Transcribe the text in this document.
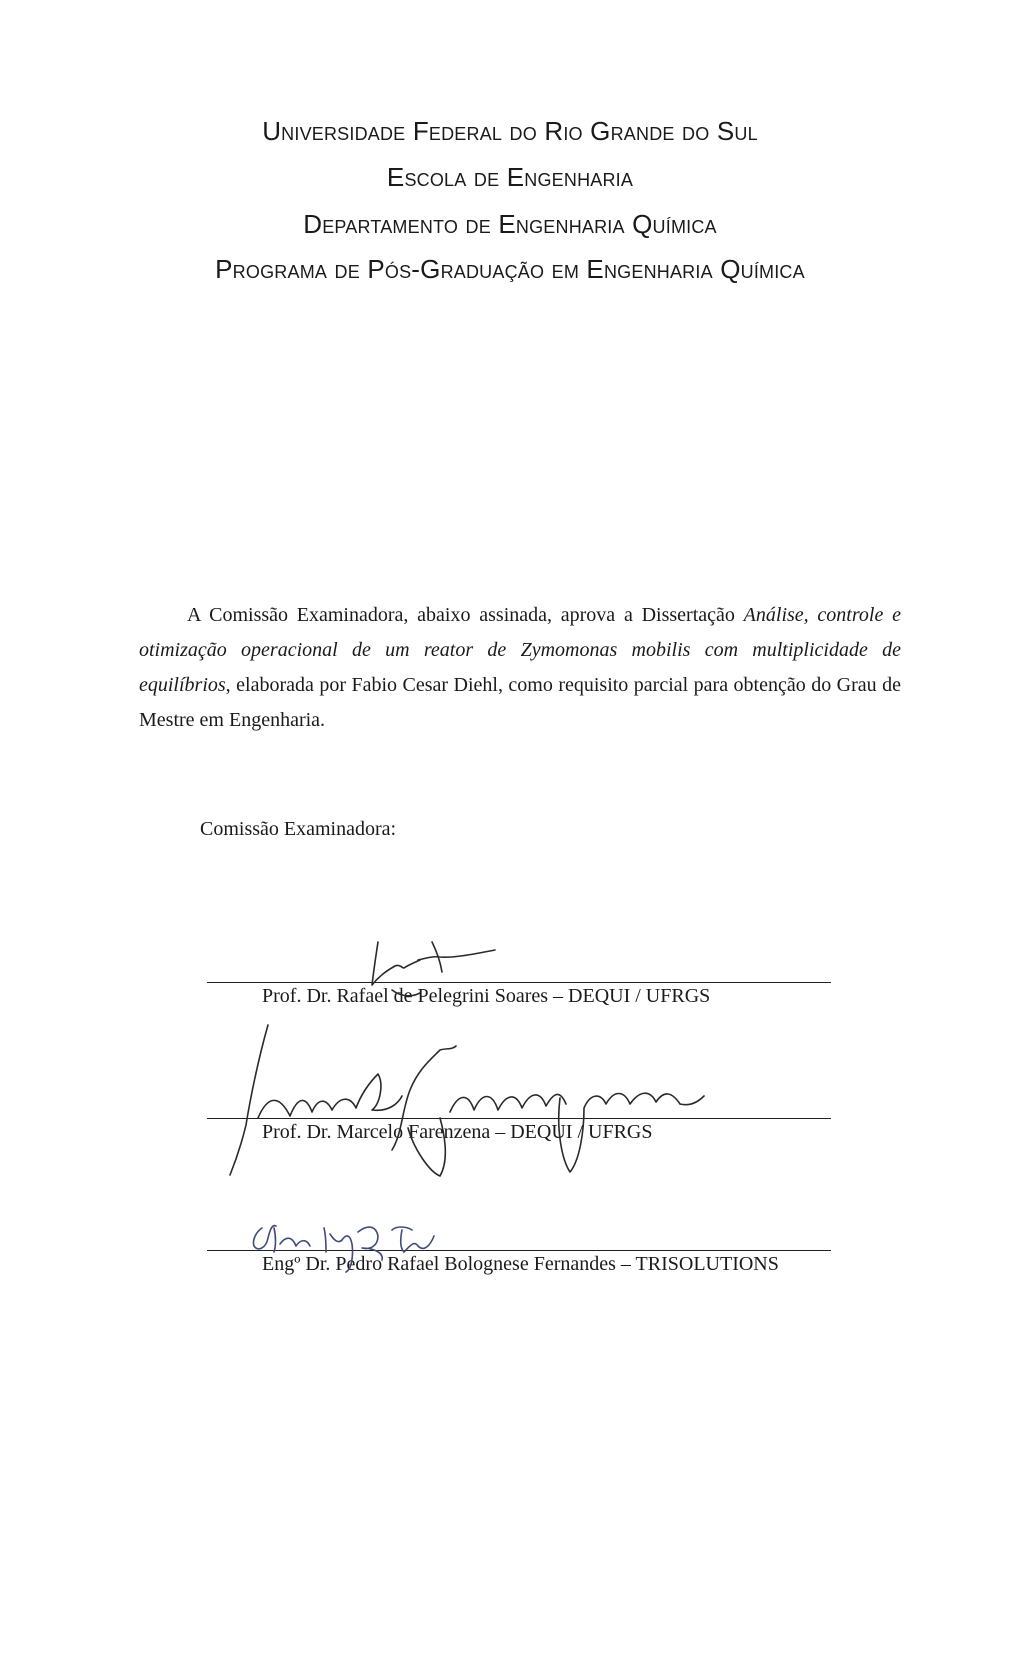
Universidade Federal do Rio Grande do Sul
Escola de Engenharia
Departamento de Engenharia Química
Programa de Pós-Graduação em Engenharia Química
A Comissão Examinadora, abaixo assinada, aprova a Dissertação Análise, controle e otimização operacional de um reator de Zymomonas mobilis com multiplicidade de equilíbrios, elaborada por Fabio Cesar Diehl, como requisito parcial para obtenção do Grau de Mestre em Engenharia.
Comissão Examinadora:
Prof. Dr. Rafael de Pelegrini Soares – DEQUI / UFRGS
Prof. Dr. Marcelo Farenzena – DEQUI / UFRGS
Engº Dr. Pedro Rafael Bolognese Fernandes – TRISOLUTIONS
